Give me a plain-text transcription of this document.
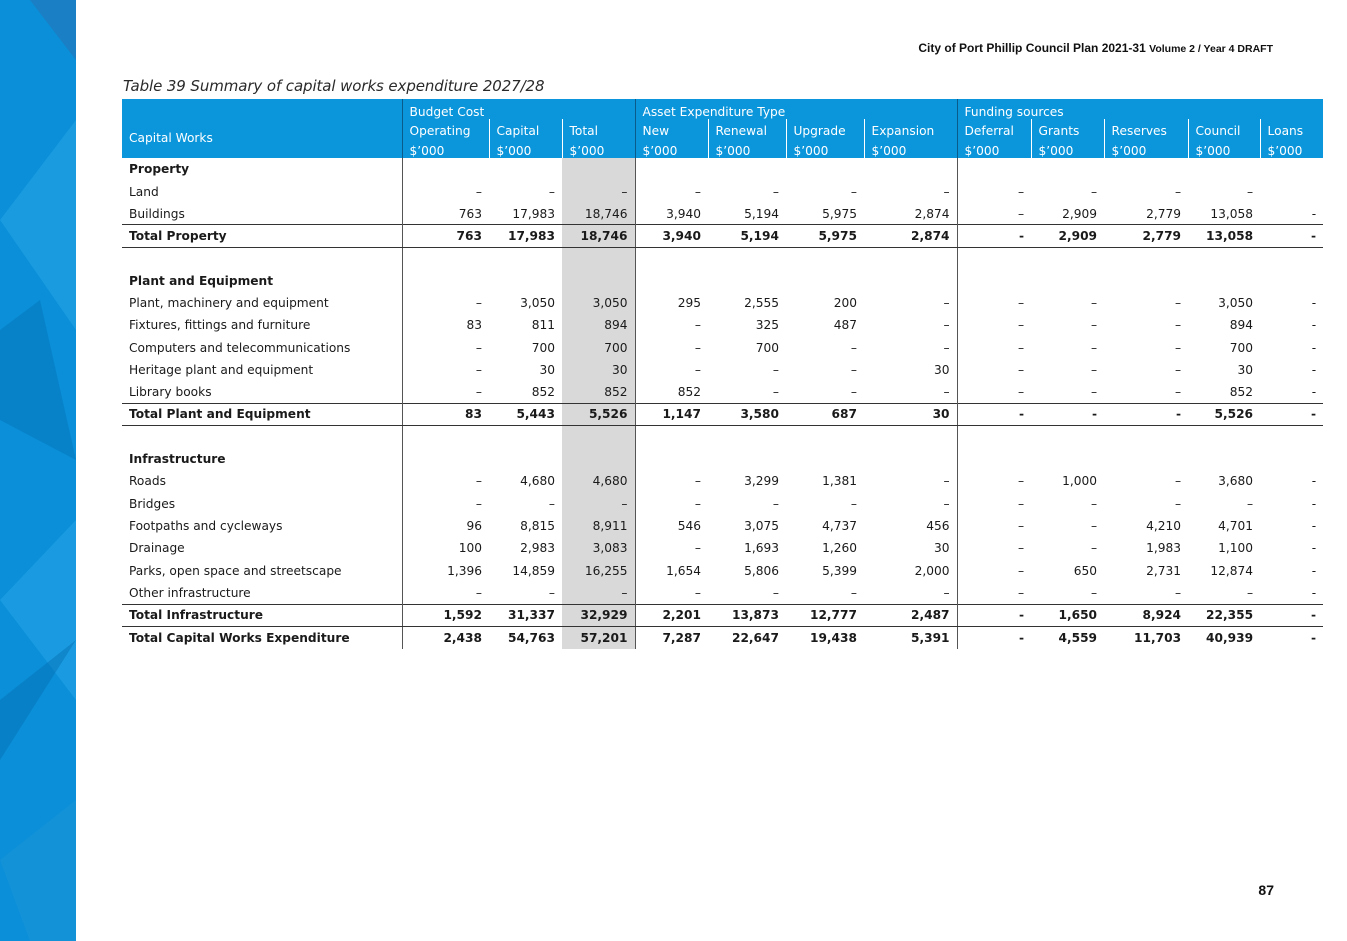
City of Port Phillip Council Plan 2021-31 Volume 2 / Year 4 DRAFT
Table 39 Summary of capital works expenditure 2027/28
	Budget Cost			Asset Expenditure Type				Funding sources				
Capital Works	Operating	Capital	Total	New	Renewal	Upgrade	Expansion	Deferral	Grants	Reserves	Council	Loans
	$’000	$’000	$’000	$’000	$’000	$’000	$’000	$’000	$’000	$’000	$’000	$’000
Property												
Land	–	–	–	–	–	–	–	–	–	–	–	
Buildings	763	17,983	18,746	3,940	5,194	5,975	2,874	–	2,909	2,779	13,058	-
Total Property	763	17,983	18,746	3,940	5,194	5,975	2,874	-	2,909	2,779	13,058	-

Plant and Equipment												
Plant, machinery and equipment	–	3,050	3,050	295	2,555	200	–	–	–	–	3,050	-
Fixtures, fittings and furniture	83	811	894	–	325	487	–	–	–	–	894	-
Computers and telecommunications	–	700	700	–	700	–	–	–	–	–	700	-
Heritage plant and equipment	–	30	30	–	–	–	30	–	–	–	30	-
Library books	–	852	852	852	–	–	–	–	–	–	852	-
Total Plant and Equipment	83	5,443	5,526	1,147	3,580	687	30	-	-	-	5,526	-

Infrastructure												
Roads	–	4,680	4,680	–	3,299	1,381	–	–	1,000	–	3,680	-
Bridges	–	–	–	–	–	–	–	–	–	–	–	-
Footpaths and cycleways	96	8,815	8,911	546	3,075	4,737	456	–	–	4,210	4,701	-
Drainage	100	2,983	3,083	–	1,693	1,260	30	–	–	1,983	1,100	-
Parks, open space and streetscape	1,396	14,859	16,255	1,654	5,806	5,399	2,000	–	650	2,731	12,874	-
Other infrastructure	–	–	–	–	–	–	–	–	–	–	–	-
Total Infrastructure	1,592	31,337	32,929	2,201	13,873	12,777	2,487	-	1,650	8,924	22,355	-
Total Capital Works Expenditure	2,438	54,763	57,201	7,287	22,647	19,438	5,391	-	4,559	11,703	40,939	-
87
